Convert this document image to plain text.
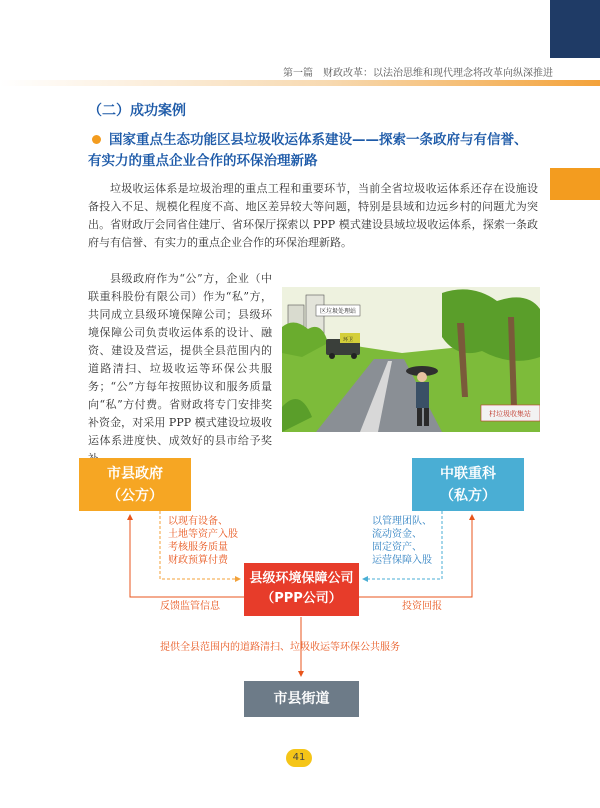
第一篇　财政改革：以法治思维和现代理念将改革向纵深推进
（二）成功案例
国家重点生态功能区县垃圾收运体系建设——探索一条政府与有信誉、有实力的重点企业合作的环保治理新路
垃圾收运体系是垃圾治理的重点工程和重要环节，当前全省垃圾收运体系还存在设施设备投入不足、规模化程度不高、地区差异较大等问题，特别是县域和边远乡村的问题尤为突出。省财政厅会同省住建厅、省环保厅探索以 PPP 模式建设县域垃圾收运体系，探索一条政府与有信誉、有实力的重点企业合作的环保治理新路。
县级政府作为“公”方，企业（中联重科股份有限公司）作为“私”方，共同成立县级环境保障公司；县级环境保障公司负责收运体系的设计、融资、建设及营运，提供全县范围内的道路清扫、垃圾收运等环保公共服务；“公”方每年按照协议和服务质量向“私”方付费。省财政将专门安排奖补资金，对采用 PPP 模式建设垃圾收运体系进度快、成效好的县市给予奖
区垃圾处理站
环卫
村垃圾收集站
市县政府
（公方）
中联重科
（私方）
县级环境保障公司
（PPP公司）
市县街道
以现有设备、
土地等资产入股
考核服务质量
财政预算付费
以管理团队、
流动资金、
固定资产、
运营保障入股
反馈监管信息	投资回报
提供全县范围内的道路清扫、垃圾收运等环保公共服务
41
